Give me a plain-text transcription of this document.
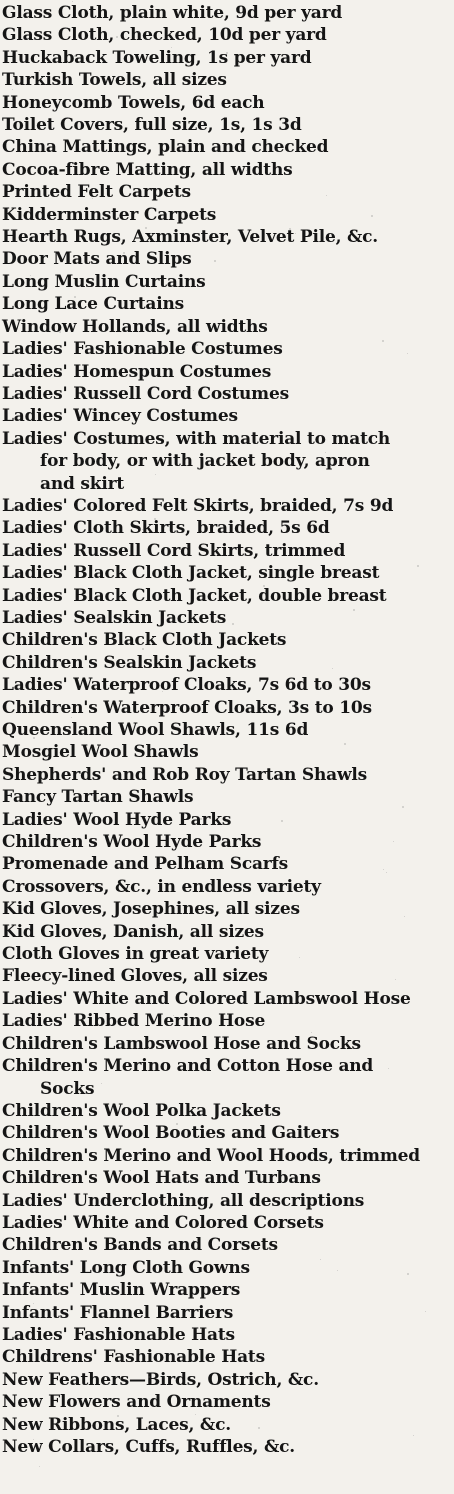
Glass Cloth, plain white, 9d per yard
Glass Cloth, checked, 10d per yard
Huckaback Toweling, 1s per yard
Turkish Towels, all sizes
Honeycomb Towels, 6d each
Toilet Covers, full size, 1s, 1s 3d
China Mattings, plain and checked
Cocoa-fibre Matting, all widths
Printed Felt Carpets
Kidderminster Carpets
Hearth Rugs, Axminster, Velvet Pile, &c.
Door Mats and Slips
Long Muslin Curtains
Long Lace Curtains
Window Hollands, all widths
Ladies' Fashionable Costumes
Ladies' Homespun Costumes
Ladies' Russell Cord Costumes
Ladies' Wincey Costumes
Ladies' Costumes, with material to match
for body, or with jacket body, apron
and skirt
Ladies' Colored Felt Skirts, braided, 7s 9d
Ladies' Cloth Skirts, braided, 5s 6d
Ladies' Russell Cord Skirts, trimmed
Ladies' Black Cloth Jacket, single breast
Ladies' Black Cloth Jacket, double breast
Ladies' Sealskin Jackets
Children's Black Cloth Jackets
Children's Sealskin Jackets
Ladies' Waterproof Cloaks, 7s 6d to 30s
Children's Waterproof Cloaks, 3s to 10s
Queensland Wool Shawls, 11s 6d
Mosgiel Wool Shawls
Shepherds' and Rob Roy Tartan Shawls
Fancy Tartan Shawls
Ladies' Wool Hyde Parks
Children's Wool Hyde Parks
Promenade and Pelham Scarfs
Crossovers, &c., in endless variety
Kid Gloves, Josephines, all sizes
Kid Gloves, Danish, all sizes
Cloth Gloves in great variety
Fleecy-lined Gloves, all sizes
Ladies' White and Colored Lambswool Hose
Ladies' Ribbed Merino Hose
Children's Lambswool Hose and Socks
Children's Merino and Cotton Hose and
Socks
Children's Wool Polka Jackets
Children's Wool Booties and Gaiters
Children's Merino and Wool Hoods, trimmed
Children's Wool Hats and Turbans
Ladies' Underclothing, all descriptions
Ladies' White and Colored Corsets
Children's Bands and Corsets
Infants' Long Cloth Gowns
Infants' Muslin Wrappers
Infants' Flannel Barriers
Ladies' Fashionable Hats
Childrens' Fashionable Hats
New Feathers—Birds, Ostrich, &c.
New Flowers and Ornaments
New Ribbons, Laces, &c.
New Collars, Cuffs, Ruffles, &c.
